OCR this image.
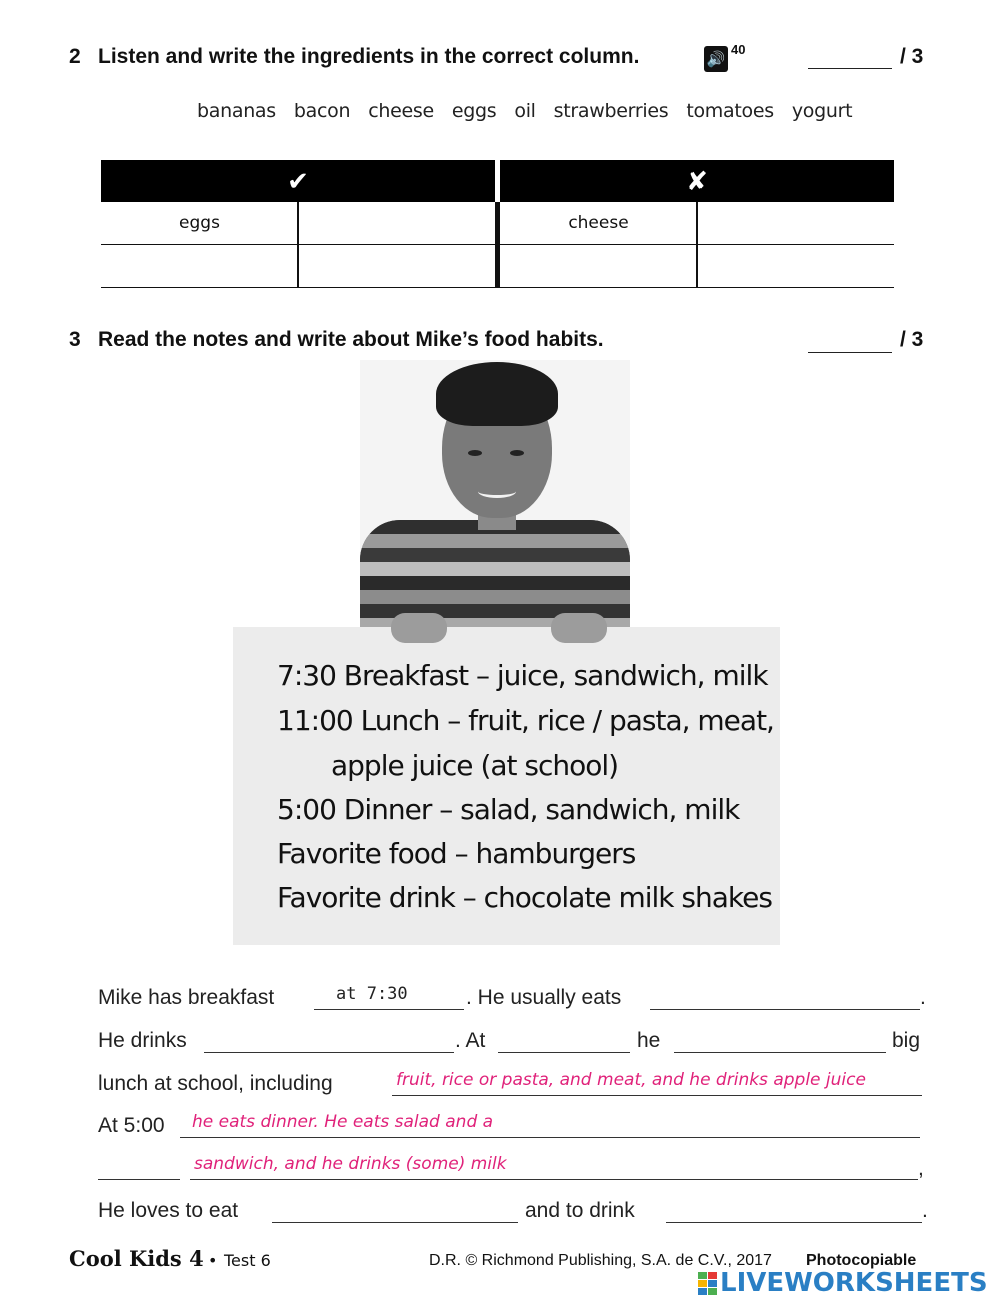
2 Listen and write the ingredients in the correct column.	🔊
40	/ 3
bananas bacon cheese eggs oil strawberries tomatoes yogurt
✔	✘
eggs	cheese
3 Read the notes and write about Mike’s food habits.	/ 3
7:30 Breakfast – juice, sandwich, milk
11:00 Lunch – fruit, rice / pasta, meat,
apple juice (at school)
5:00 Dinner – salad, sandwich, milk
Favorite food – hamburgers
Favorite drink – chocolate milk shakes
Mike has breakfast	at 7:30	. He usually eats	.
He drinks	. At	he	big
lunch at school, including	fruit, rice or pasta, and meat, and he drinks apple juice
At 5:00 he eats dinner. He eats salad and a
sandwich, and he drinks (some) milk	,
He loves to eat	and to drink	.
Cool Kids 4 • Test 6	D.R. © Richmond Publishing, S.A. de C.V., 2017 Photocopiable
LIVEWORKSHEETS
